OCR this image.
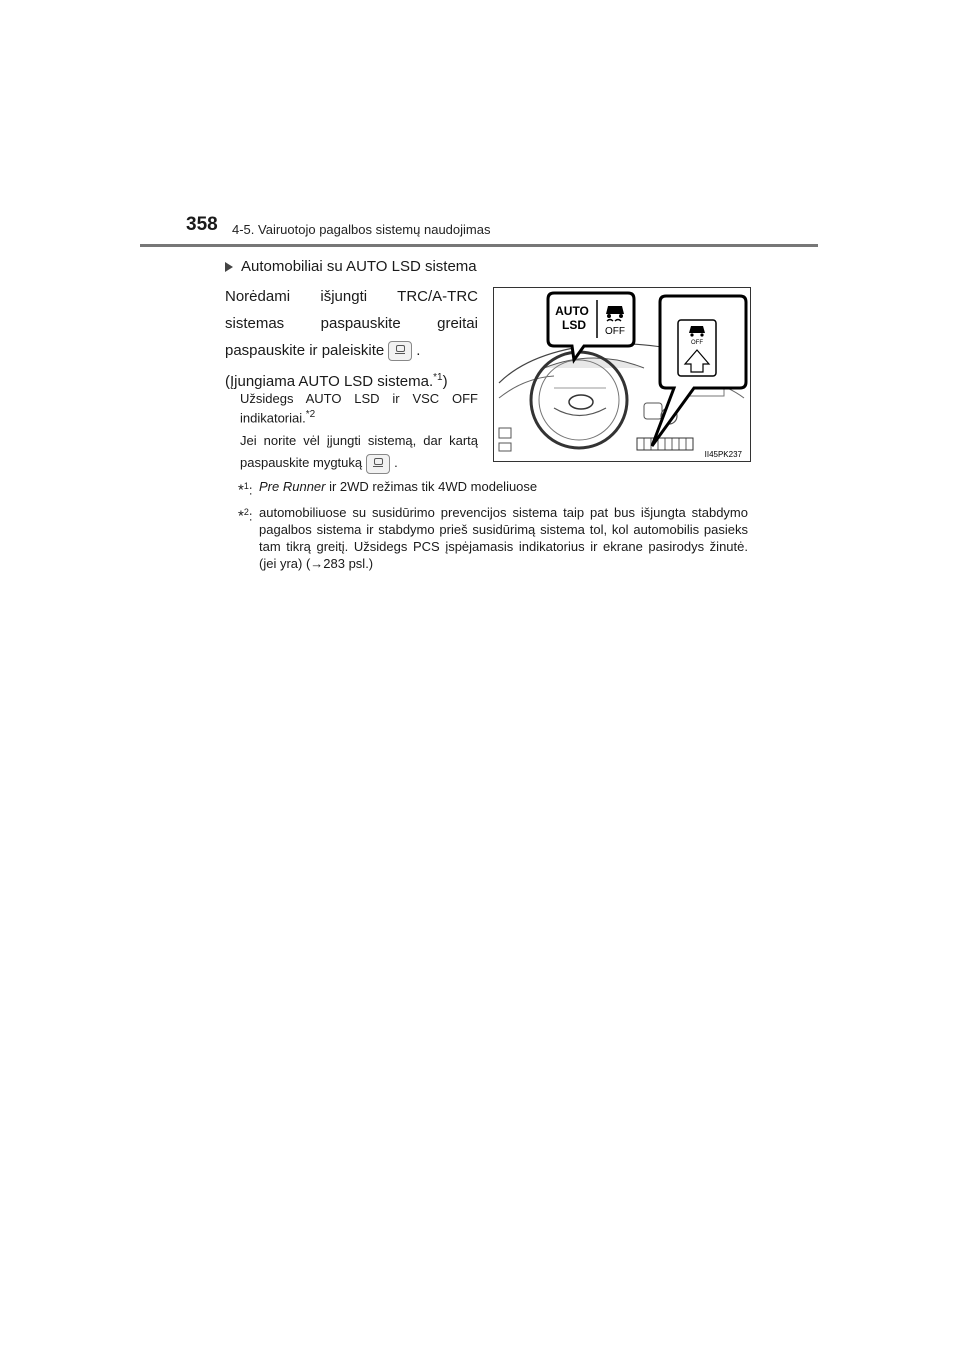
358 4-5. Vairuotojo pagalbos sistemų naudojimas
Automobiliai su AUTO LSD sistema

Norėdami išjungti TRC/A-TRC sistemas paspauskite greitai paspauskite ir paleiskite .

(Įjungiama AUTO LSD sistema.$^{*1}$)

Užsidegs AUTO LSD ir VSC OFF indikatoriai.$^{*2}$
Jei norite vėl įjungti sistemą, dar kartą paspauskite mygtuką .
AUTO
LSD OFF
OFF
II45PK237
*$^1$: Pre Runner ir 2WD režimas tik 4WD modeliuose
*$^2$: automobiliuose su susidūrimo prevencijos sistema taip pat bus išjungta stabdymo pagalbos sistema ir stabdymo prieš susidūrimą sistema tol, kol automobilis pasieks tam tikrą greitį. Užsidegs PCS įspėjamasis indikatorius ir ekrane pasirodys žinutė. (jei yra) (→283 psl.)
